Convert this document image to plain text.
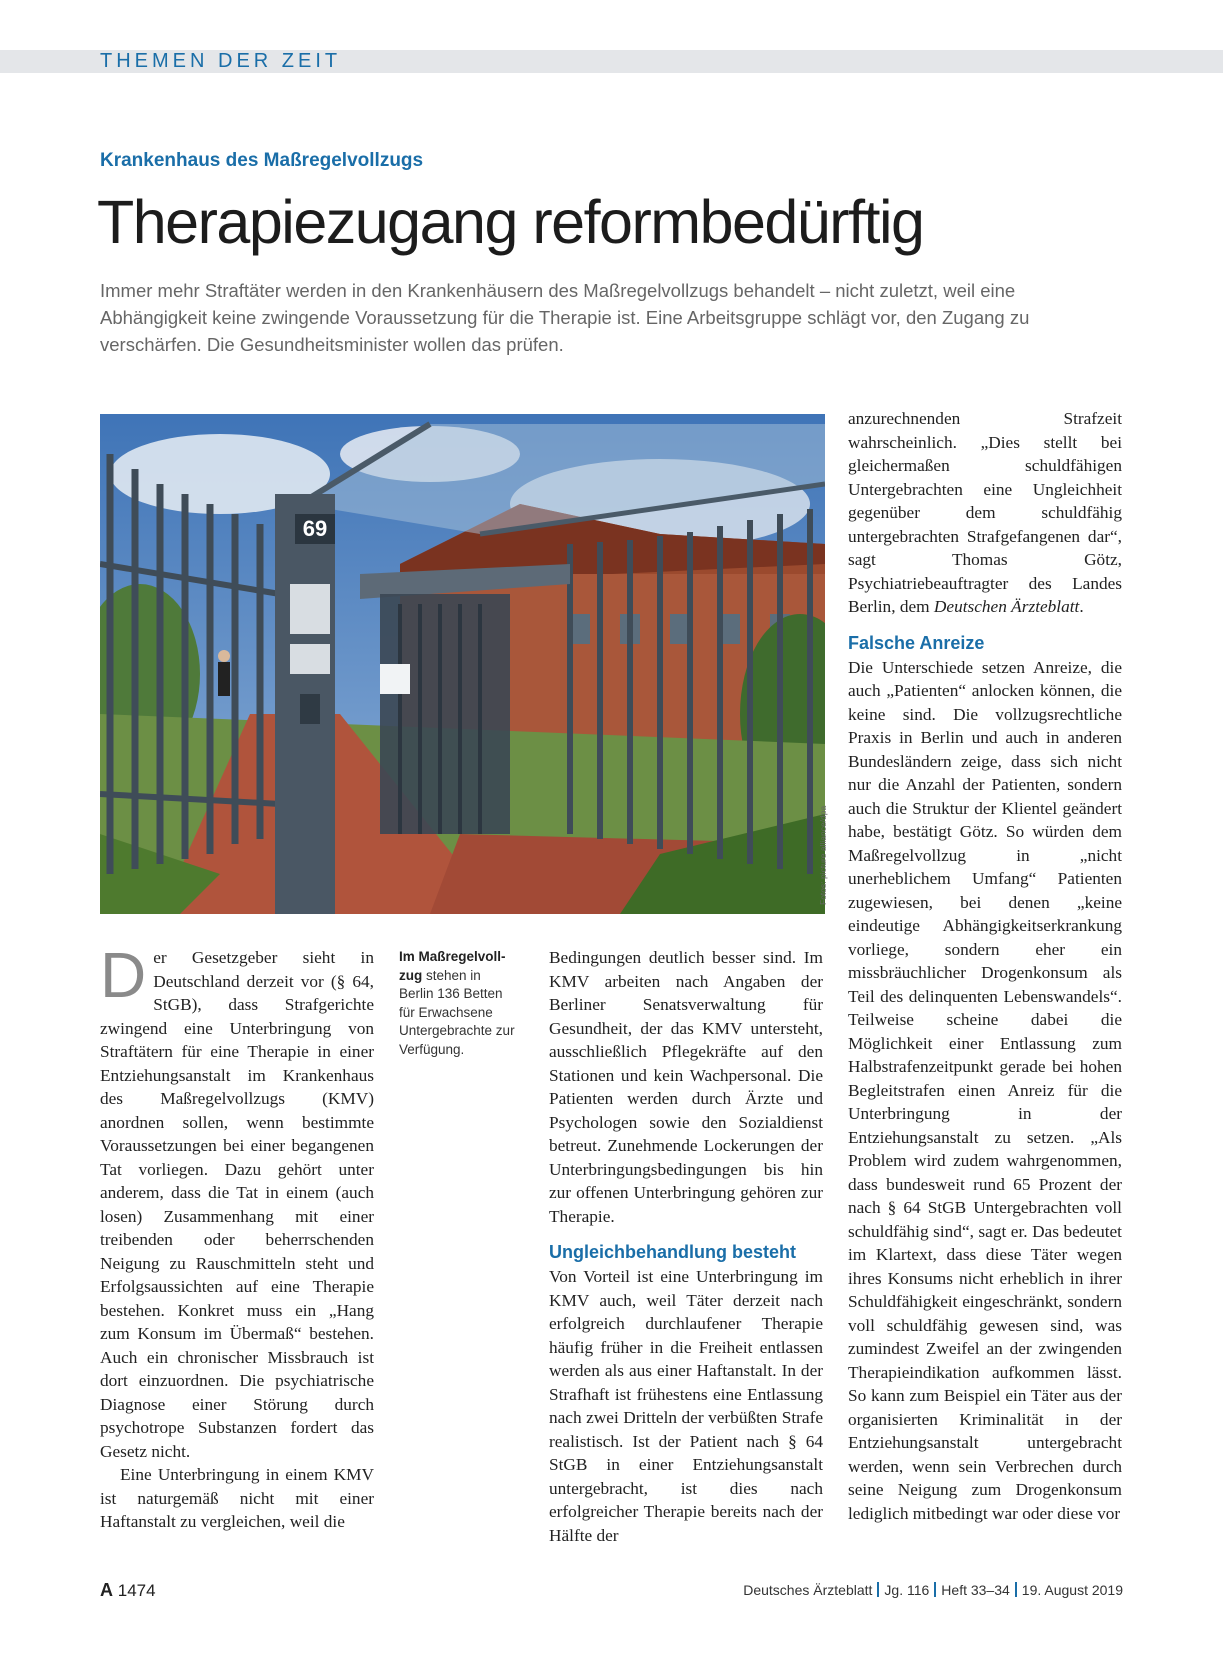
THEMEN DER ZEIT
Krankenhaus des Maßregelvollzugs
Therapiezugang reformbedürftig
Immer mehr Straftäter werden in den Krankenhäusern des Maßregelvollzugs behandelt – nicht zuletzt, weil eine Abhängigkeit keine zwingende Voraussetzung für die Therapie ist. Eine Arbeitsgruppe schlägt vor, den Zugang zu verschärfen. Die Gesundheitsminister wollen das prüfen.
69
Fotos: picture alliance/dpa
Im Maßregelvollzug stehen in Berlin 136 Betten für Erwachsene Untergebrachte zur Verfügung.

Der Gesetzgeber sieht in Deutschland derzeit vor (§ 64, StGB), dass Strafgerichte zwingend eine Unterbringung von Straftätern für eine Therapie in einer Entziehungsanstalt im Krankenhaus des Maßregelvollzugs (KMV) anordnen sollen, wenn bestimmte Voraussetzungen bei einer begangenen Tat vorliegen. Dazu gehört unter anderem, dass die Tat in einem (auch losen) Zusammenhang mit einer treibenden oder beherrschenden Neigung zu Rauschmitteln steht und Erfolgsaussichten auf eine Therapie bestehen. Konkret muss ein „Hang zum Konsum im Übermaß“ bestehen. Auch ein chronischer Missbrauch ist dort einzuordnen. Die psychiatrische Diagnose einer Störung durch psychotrope Substanzen fordert das Gesetz nicht.

Eine Unterbringung in einem KMV ist naturgemäß nicht mit einer Haftanstalt zu vergleichen, weil die

Bedingungen deutlich besser sind. Im KMV arbeiten nach Angaben der Berliner Senatsverwaltung für Gesundheit, der das KMV untersteht, ausschließlich Pflegekräfte auf den Stationen und kein Wachpersonal. Die Patienten werden durch Ärzte und Psychologen sowie den Sozialdienst betreut. Zunehmende Lockerungen der Unterbringungsbedingungen bis hin zur offenen Unterbringung gehören zur Therapie.

Ungleichbehandlung besteht

Von Vorteil ist eine Unterbringung im KMV auch, weil Täter derzeit nach erfolgreich durchlaufener Therapie häufig früher in die Freiheit entlassen werden als aus einer Haftanstalt. In der Strafhaft ist frühestens eine Entlassung nach zwei Dritteln der verbüßten Strafe realistisch. Ist der Patient nach § 64 StGB in einer Entziehungsanstalt untergebracht, ist dies nach erfolgreicher Therapie bereits nach der Hälfte der

anzurechnenden Strafzeit wahrscheinlich. „Dies stellt bei gleichermaßen schuldfähigen Untergebrachten eine Ungleichheit gegenüber dem schuldfähig untergebrachten Strafgefangenen dar“, sagt Thomas Götz, Psychiatriebeauftragter des Landes Berlin, dem Deutschen Ärzteblatt.

Falsche Anreize

Die Unterschiede setzen Anreize, die auch „Patienten“ anlocken können, die keine sind. Die vollzugsrechtliche Praxis in Berlin und auch in anderen Bundesländern zeige, dass sich nicht nur die Anzahl der Patienten, sondern auch die Struktur der Klientel geändert habe, bestätigt Götz. So würden dem Maßregelvollzug in „nicht unerheblichem Umfang“ Patienten zugewiesen, bei denen „keine eindeutige Abhängigkeitserkrankung vorliege, sondern eher ein missbräuchlicher Drogenkonsum als Teil des delinquenten Lebenswandels“. Teilweise scheine dabei die Möglichkeit einer Entlassung zum Halbstrafenzeitpunkt gerade bei hohen Begleitstrafen einen Anreiz für die Unterbringung in der Entziehungsanstalt zu setzen. „Als Problem wird zudem wahrgenommen, dass bundesweit rund 65 Prozent der nach § 64 StGB Untergebrachten voll schuldfähig sind“, sagt er. Das bedeutet im Klartext, dass diese Täter wegen ihres Konsums nicht erheblich in ihrer Schuldfähigkeit eingeschränkt, sondern voll schuldfähig gewesen sind, was zumindest Zweifel an der zwingenden Therapieindikation aufkommen lässt. So kann zum Beispiel ein Täter aus der organisierten Kriminalität in der Entziehungsanstalt untergebracht werden, wenn sein Verbrechen durch seine Neigung zum Drogenkonsum lediglich mitbedingt war oder diese vor

A 1474	Deutsches Ärzteblatt Jg. 116 Heft 33–34 19. August 2019
